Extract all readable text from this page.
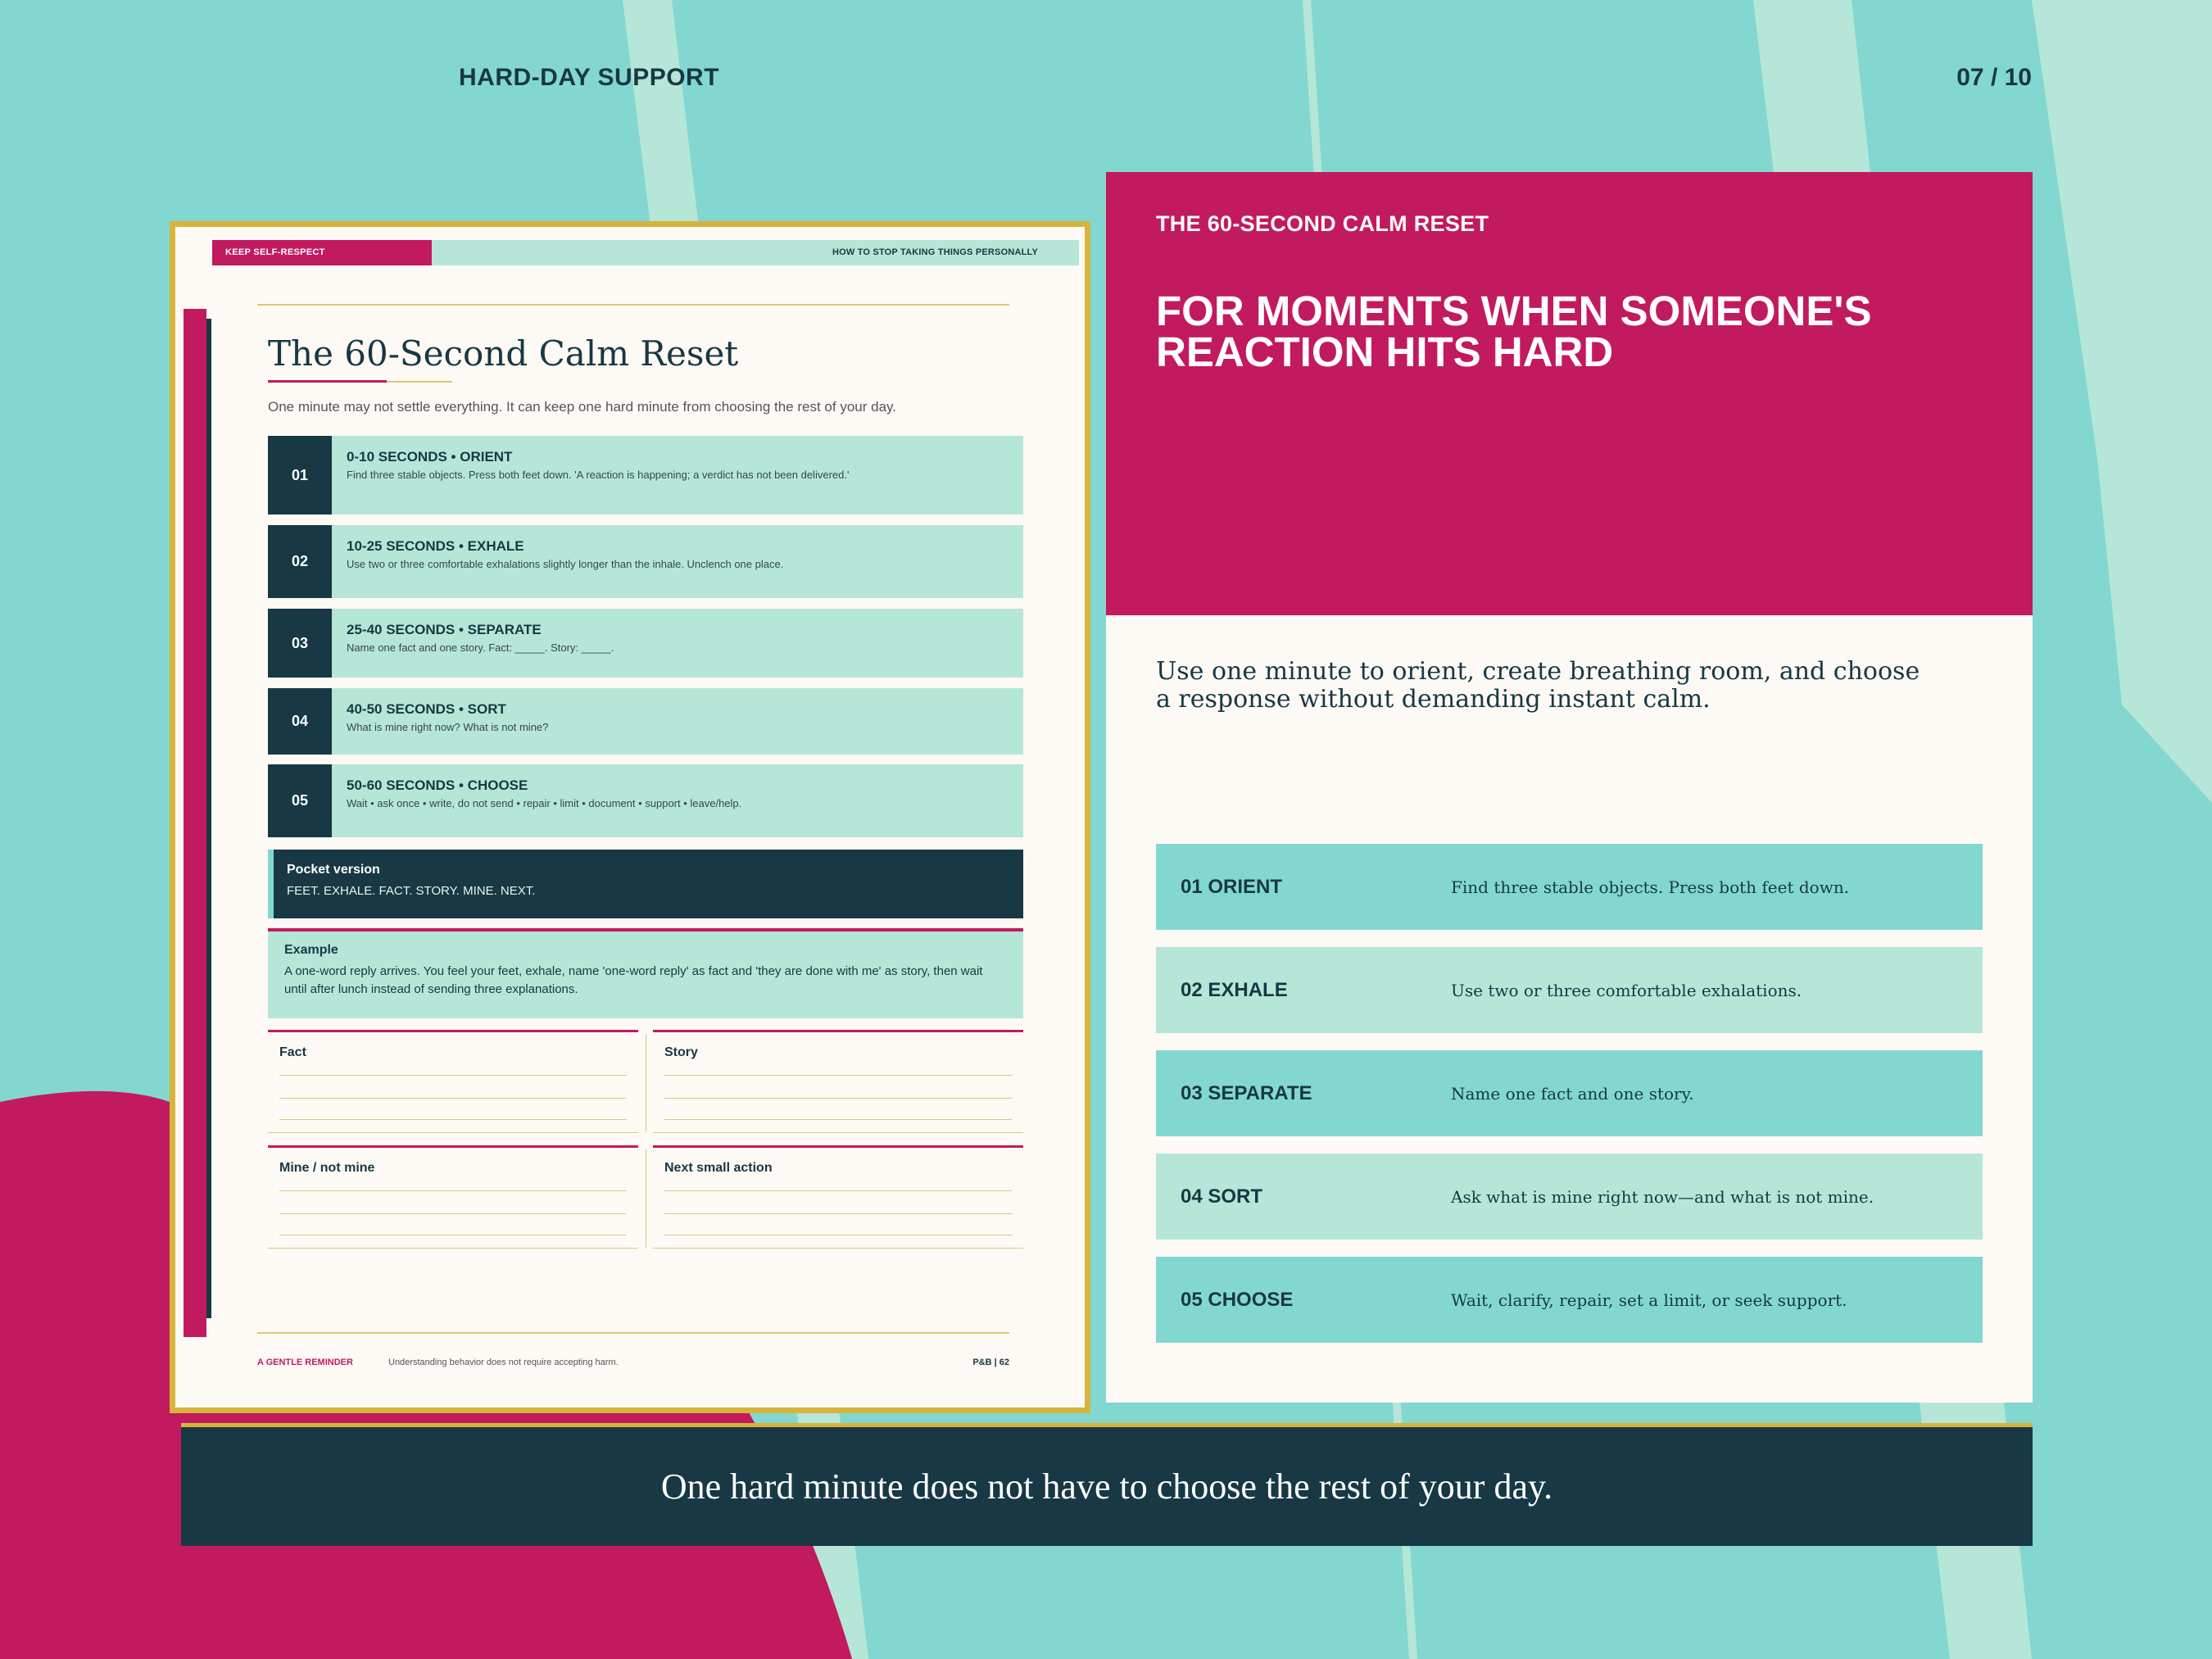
HARD-DAY SUPPORT	07 / 10
KEEP SELF-RESPECT	HOW TO STOP TAKING THINGS PERSONALLY
The 60-Second Calm Reset
One minute may not settle everything. It can keep one hard minute from choosing the rest of your day.
01
0-10 SECONDS • ORIENT
Find three stable objects. Press both feet down. 'A reaction is happening; a verdict has not been delivered.'
02
10-25 SECONDS • EXHALE
Use two or three comfortable exhalations slightly longer than the inhale. Unclench one place.
03
25-40 SECONDS • SEPARATE
Name one fact and one story. Fact: _____. Story: _____.
04
40-50 SECONDS • SORT
What is mine right now? What is not mine?
05
50-60 SECONDS • CHOOSE
Wait • ask once • write, do not send • repair • limit • document • support • leave/help.
Pocket version
FEET. EXHALE. FACT. STORY. MINE. NEXT.
Example
A one-word reply arrives. You feel your feet, exhale, name 'one-word reply' as fact and 'they are done with me' as story, then wait until after lunch instead of sending three explanations.
Fact	Story
Mine / not mine	Next small action
A GENTLE REMINDER	Understanding behavior does not require accepting harm.	P&B | 62
THE 60-SECOND CALM RESET
FOR MOMENTS WHEN SOMEONE'S REACTION HITS HARD
Use one minute to orient, create breathing room, and choose a response without demanding instant calm.
01 ORIENT	Find three stable objects. Press both feet down.
02 EXHALE	Use two or three comfortable exhalations.
03 SEPARATE	Name one fact and one story.
04 SORT	Ask what is mine right now—and what is not mine.
05 CHOOSE	Wait, clarify, repair, set a limit, or seek support.
One hard minute does not have to choose the rest of your day.
